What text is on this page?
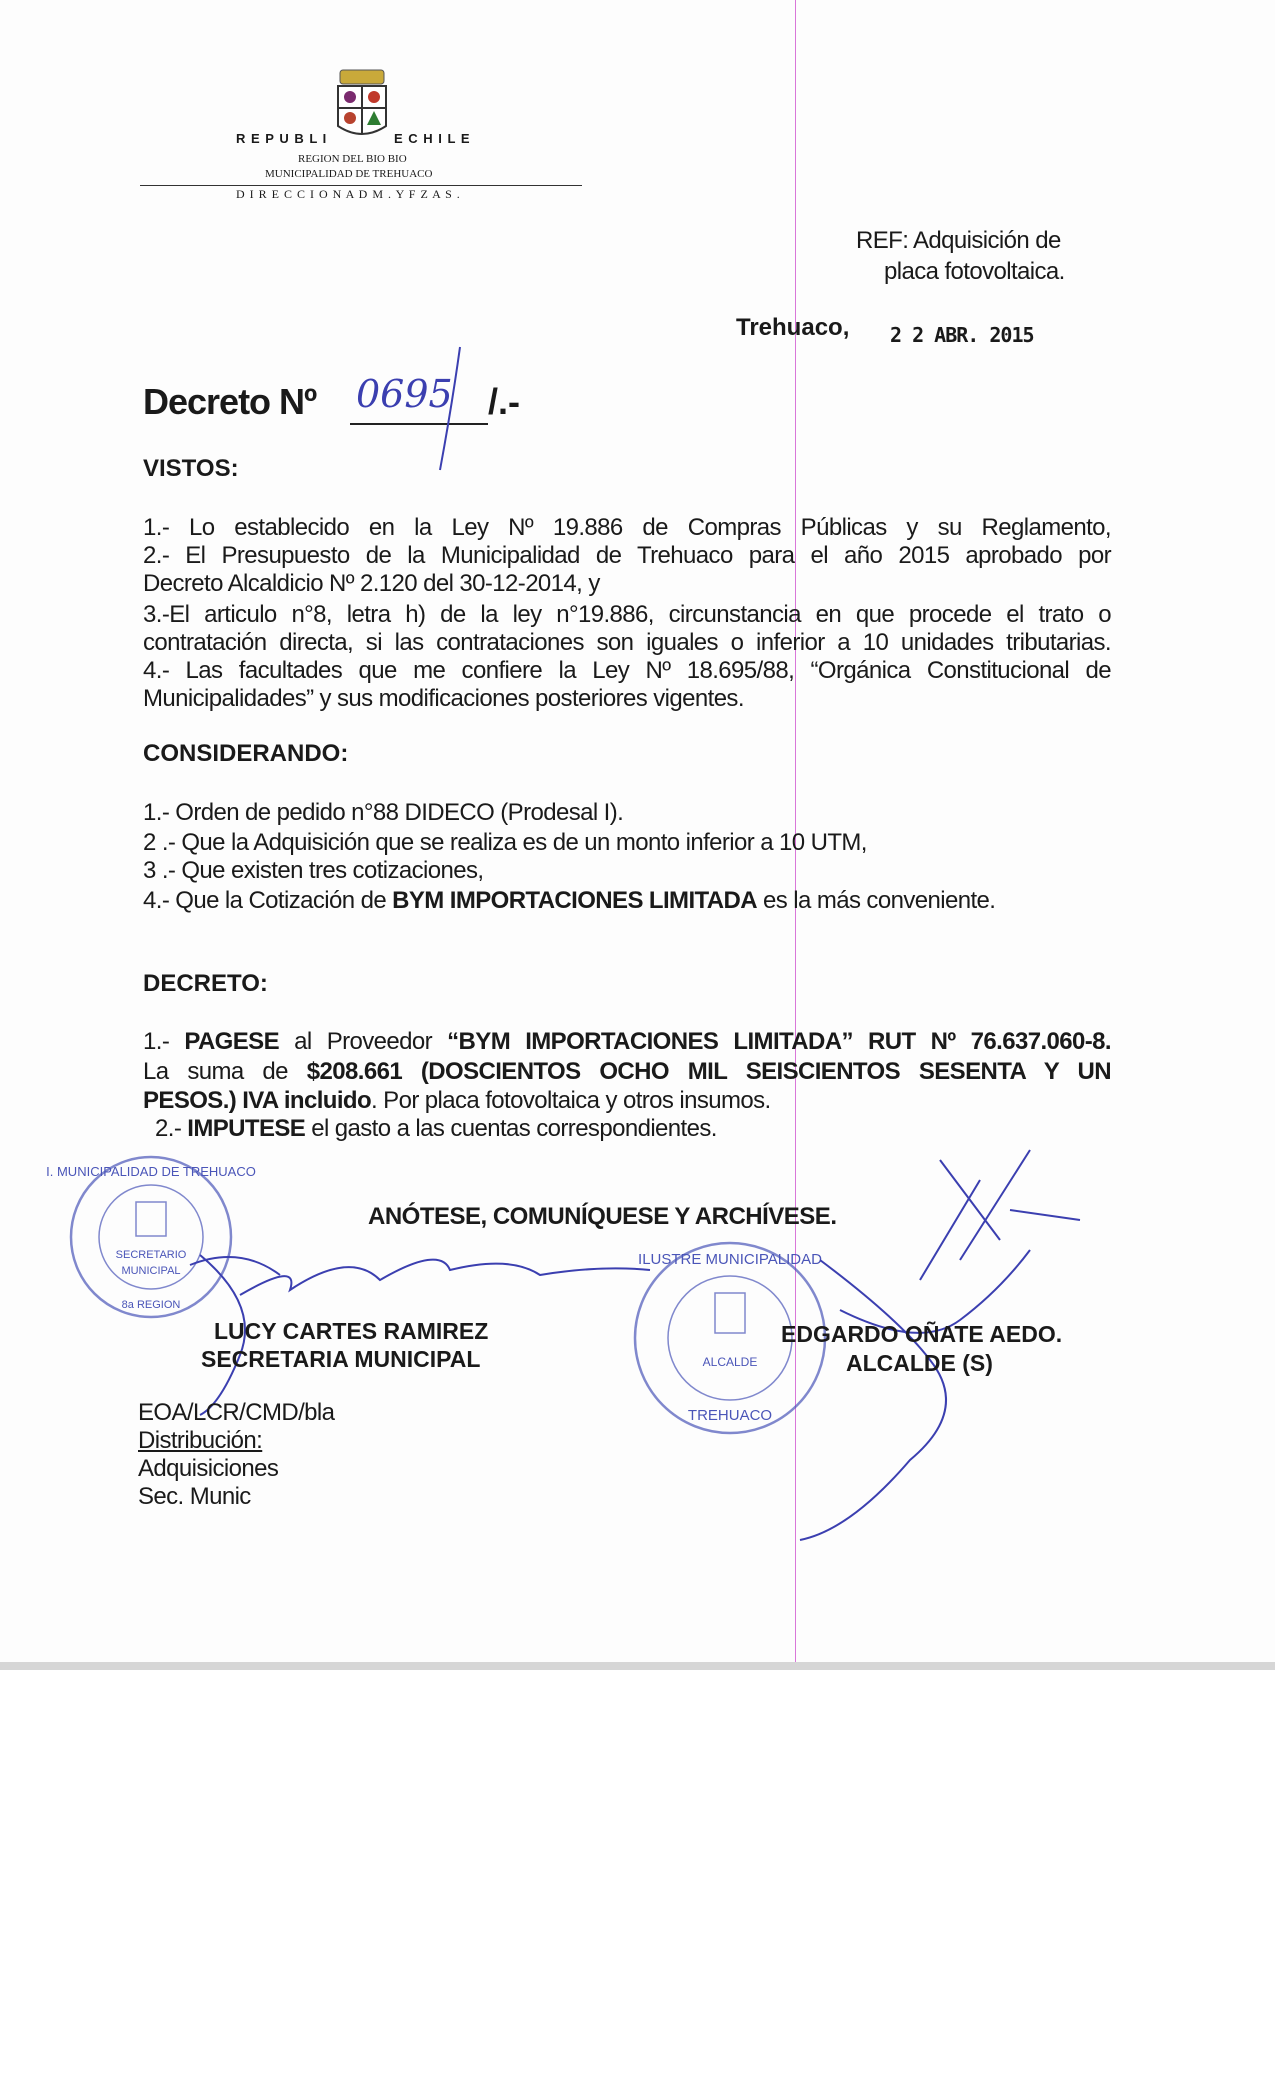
R E P U B L I	E C H I L E
REGION DEL BIO BIO
MUNICIPALIDAD DE TREHUACO
D I R E C C I O N A D M . Y F Z A S .
REF: Adquisición de
placa fotovoltaica.
Trehuaco, 2 2 ABR. 2015
Decreto Nº 0695 /.-
VISTOS:
1.- Lo establecido en la Ley Nº 19.886 de Compras Públicas y su Reglamento,
2.- El Presupuesto de la Municipalidad de Trehuaco para el año 2015 aprobado por
Decreto Alcaldicio Nº 2.120 del 30-12-2014, y
3.-El articulo n°8, letra h) de la ley n°19.886, circunstancia en que procede el trato o
contratación directa, si las contrataciones son iguales o inferior a 10 unidades tributarias.
4.- Las facultades que me confiere la Ley Nº 18.695/88, “Orgánica Constitucional de
Municipalidades” y sus modificaciones posteriores vigentes.
CONSIDERANDO:
1.- Orden de pedido n°88 DIDECO (Prodesal I).
2 .- Que la Adquisición que se realiza es de un monto inferior a 10 UTM,
3 .- Que existen tres cotizaciones,
4.- Que la Cotización de BYM IMPORTACIONES LIMITADA es la más conveniente.
DECRETO:
1.- PAGESE al Proveedor “BYM IMPORTACIONES LIMITADA” RUT Nº 76.637.060-8.
La suma de $208.661 (DOSCIENTOS OCHO MIL SEISCIENTOS SESENTA Y UN
PESOS.) IVA incluido. Por placa fotovoltaica y otros insumos.
2.- IMPUTESE el gasto a las cuentas correspondientes.
ANÓTESE, COMUNÍQUESE Y ARCHÍVESE.
I. MUNICIPALIDAD DE TREHUACO
SECRETARIO
MUNICIPAL
8a REGION
ILUSTRE MUNICIPALIDAD
ALCALDE
TREHUACO
LUCY CARTES RAMIREZ
SECRETARIA MUNICIPAL
EDGARDO OÑATE AEDO.
ALCALDE (S)
EOA/LCR/CMD/bla
Distribución:
Adquisiciones
Sec. Munic
